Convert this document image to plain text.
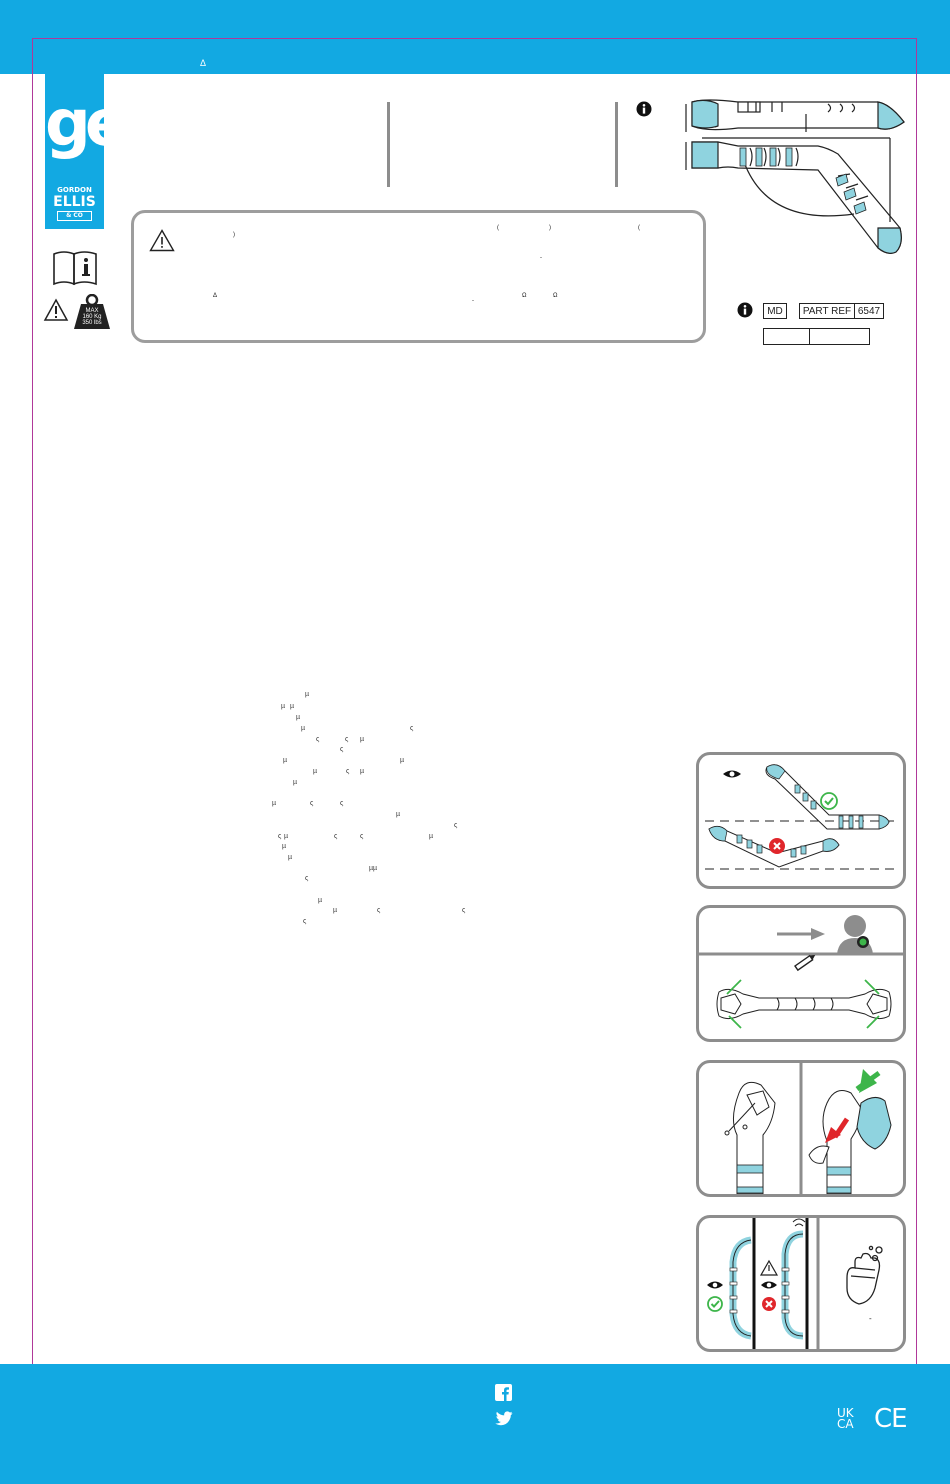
Δ
ge
GORDON
ELLIS
& CO
MAX
160 Kg
350 lbs
)
(	)	(
-
Δ
-
Ω	Ω
MD	PART REF 6547
µ
µ µ
µ
µ	ς
ς	µ
ς
ς
µ	µ
µ	ς µ
µ
µ	ς	ς
µ
ς
ς µ	ς	ς	µ
µ
µ
µµ
ς
µ
µ	ς	ς
ς
-
UK
CA CE
